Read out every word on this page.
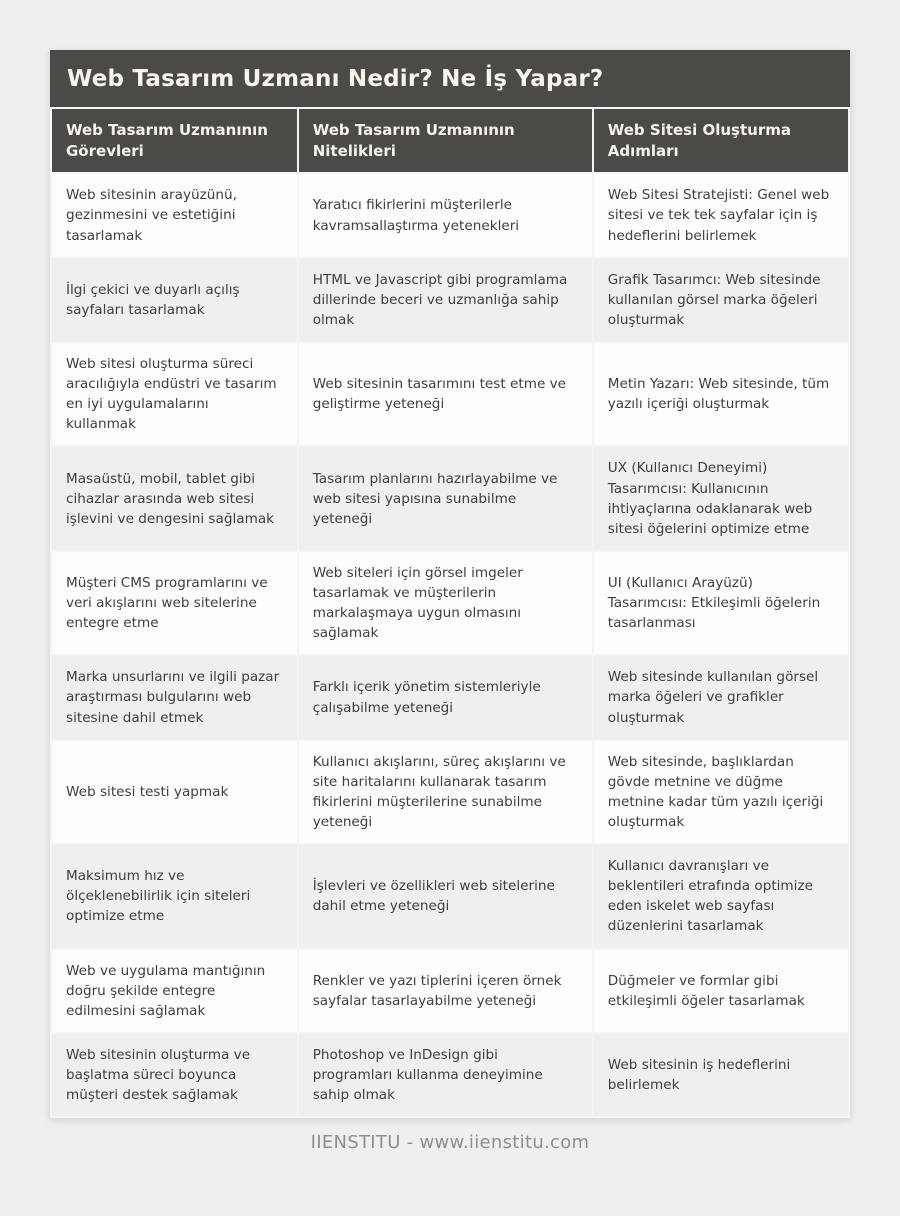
Web Tasarım Uzmanı Nedir? Ne İş Yapar?
Web Tasarım Uzmanının Görevleri	Web Tasarım Uzmanının Nitelikleri	Web Sitesi Oluşturma Adımları
Web sitesinin arayüzünü, gezinmesini ve estetiğini tasarlamak	Yaratıcı fikirlerini müşterilerle kavramsallaştırma yetenekleri	Web Sitesi Stratejisti: Genel web sitesi ve tek tek sayfalar için iş hedeflerini belirlemek
İlgi çekici ve duyarlı açılış sayfaları tasarlamak	HTML ve Javascript gibi programlama dillerinde beceri ve uzmanlığa sahip olmak	Grafik Tasarımcı: Web sitesinde kullanılan görsel marka öğeleri oluşturmak
Web sitesi oluşturma süreci aracılığıyla endüstri ve tasarım en iyi uygulamalarını kullanmak	Web sitesinin tasarımını test etme ve geliştirme yeteneği	Metin Yazarı: Web sitesinde, tüm yazılı içeriği oluşturmak
Masaüstü, mobil, tablet gibi cihazlar arasında web sitesi işlevini ve dengesini sağlamak	Tasarım planlarını hazırlayabilme ve web sitesi yapısına sunabilme yeteneği	UX (Kullanıcı Deneyimi) Tasarımcısı: Kullanıcının ihtiyaçlarına odaklanarak web sitesi öğelerini optimize etme
Müşteri CMS programlarını ve veri akışlarını web sitelerine entegre etme	Web siteleri için görsel imgeler tasarlamak ve müşterilerin markalaşmaya uygun olmasını sağlamak	UI (Kullanıcı Arayüzü) Tasarımcısı: Etkileşimli öğelerin tasarlanması
Marka unsurlarını ve ilgili pazar araştırması bulgularını web sitesine dahil etmek	Farklı içerik yönetim sistemleriyle çalışabilme yeteneği	Web sitesinde kullanılan görsel marka öğeleri ve grafikler oluşturmak
Web sitesi testi yapmak	Kullanıcı akışlarını, süreç akışlarını ve site haritalarını kullanarak tasarım fikirlerini müşterilerine sunabilme yeteneği	Web sitesinde, başlıklardan gövde metnine ve düğme metnine kadar tüm yazılı içeriği oluşturmak
Maksimum hız ve ölçeklenebilirlik için siteleri optimize etme	İşlevleri ve özellikleri web sitelerine dahil etme yeteneği	Kullanıcı davranışları ve beklentileri etrafında optimize eden iskelet web sayfası düzenlerini tasarlamak
Web ve uygulama mantığının doğru şekilde entegre edilmesini sağlamak	Renkler ve yazı tiplerini içeren örnek sayfalar tasarlayabilme yeteneği	Düğmeler ve formlar gibi etkileşimli öğeler tasarlamak
Web sitesinin oluşturma ve başlatma süreci boyunca müşteri destek sağlamak	Photoshop ve InDesign gibi programları kullanma deneyimine sahip olmak	Web sitesinin iş hedeflerini belirlemek
IIENSTITU - www.iienstitu.com
